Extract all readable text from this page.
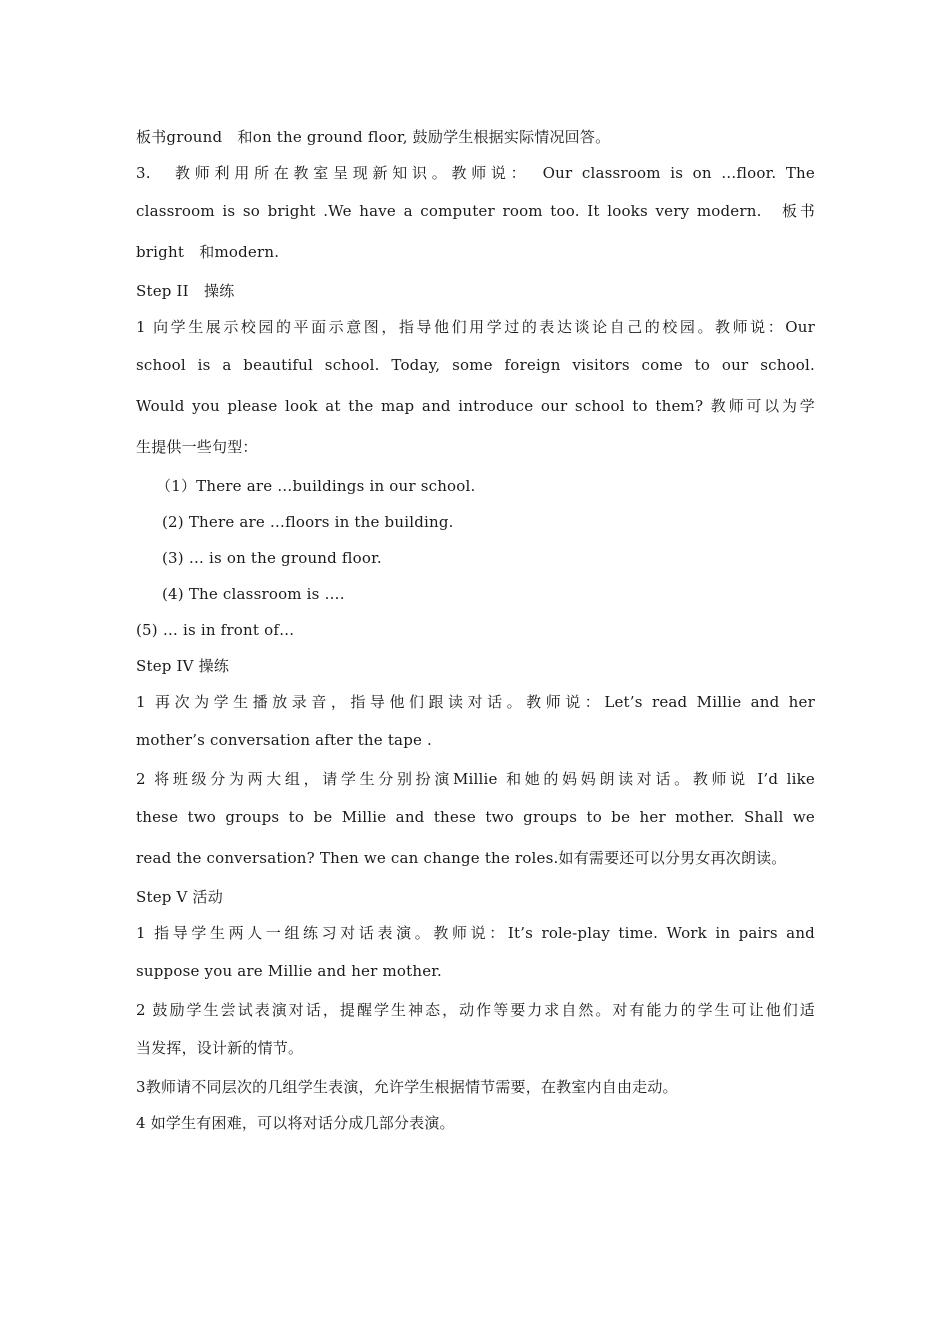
板书ground　和on the ground floor, 鼓励学生根据实际情况回答。

3.　教师利用所在教室呈现新知识。教师说：　Our classroom is on …floor. The

classroom is so bright .We have a computer room too. It looks very modern.　板书

bright　和modern.

Step II　操练

1 向学生展示校园的平面示意图，指导他们用学过的表达谈论自己的校园。教师说：Our

school is a beautiful school. Today, some foreign visitors come to our school.

Would you please look at the map and introduce our school to them? 教师可以为学

生提供一些句型：

（1）There are …buildings in our school.

(2) There are …floors in the building.

(3) … is on the ground floor.

(4) The classroom is ….

(5) … is in front of…

Step IV 操练

1 再次为学生播放录音，指导他们跟读对话。教师说：Let’s read Millie and her

mother’s conversation after the tape .

2 将班级分为两大组，请学生分别扮演Millie 和她的妈妈朗读对话。教师说 I’d like

these two groups to be Millie and these two groups to be her mother. Shall we

read the conversation? Then we can change the roles.如有需要还可以分男女再次朗读。

Step V 活动

1 指导学生两人一组练习对话表演。教师说：It’s role-play time. Work in pairs and

suppose you are Millie and her mother.

2 鼓励学生尝试表演对话，提醒学生神态，动作等要力求自然。对有能力的学生可让他们适

当发挥，设计新的情节。

3教师请不同层次的几组学生表演，允许学生根据情节需要，在教室内自由走动。

4 如学生有困难，可以将对话分成几部分表演。
